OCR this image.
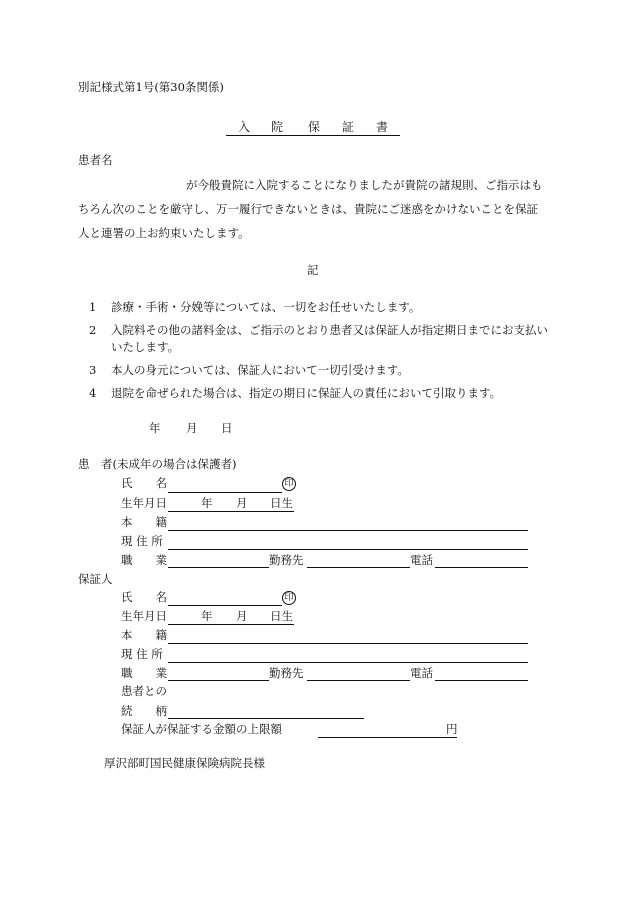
別記様式第1号(第30条関係)
入 院 保 証 書
患者名
が今般貴院に入院することになりましたが貴院の諸規則、ご指示はも
ちろん次のことを厳守し、万一履行できないときは、貴院にご迷惑をかけないことを保証
人と連署の上お約束いたします。
記
1 診療・手術・分娩等については、一切をお任せいたします。
2 入院料その他の諸料金は、ご指示のとおり患者又は保証人が指定期日までにお支払いいたします。
3 本人の身元については、保証人において一切引受けます。
4 退院を命ぜられた場合は、指定の期日に保証人の責任において引取ります。
年 月 日
患　者(未成年の場合は保護者)
氏　　名	印
生年月日	年 月 日生
本　　籍
現 住 所
職　　業	勤務先	電話
保証人
氏　　名	印
生年月日	年 月 日生
本　　籍
現 住 所
職　　業	勤務先	電話
患者との
続　　柄
保証人が保証する金額の上限額	円
厚沢部町国民健康保険病院長様
